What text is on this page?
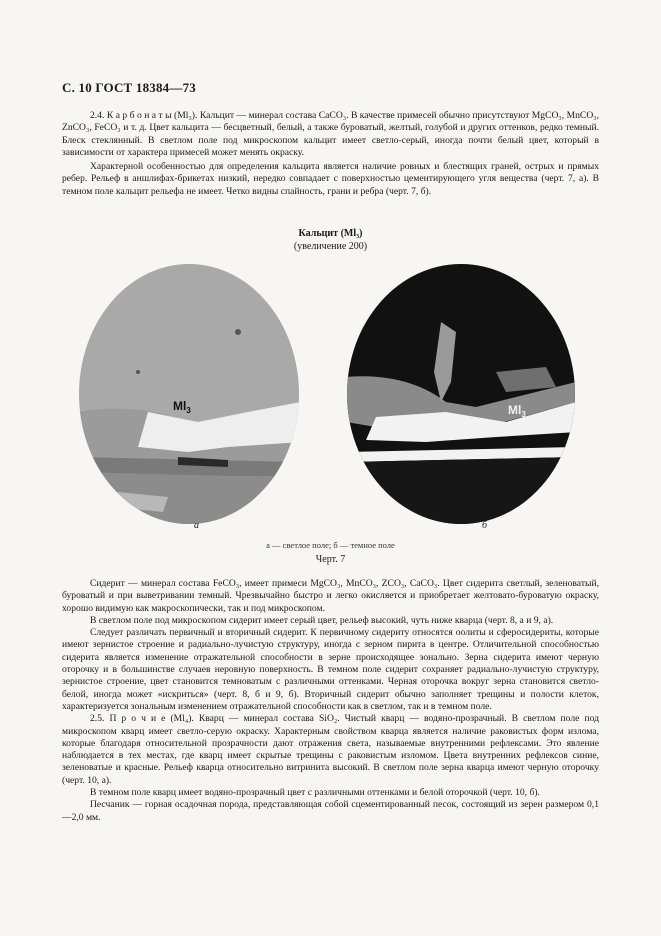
С. 10 ГОСТ 18384—73

2.4. К а р б о н а т ы (Мl₃). Кальцит — минерал состава CaCO₃. В качестве примесей обычно присутствуют MgCO₃, MnCO₃, ZnCO₃, FeCO₃ и т. д. Цвет кальцита — бесцветный, белый, а также буроватый, желтый, голубой и других оттенков, редко темный. Блеск стеклянный. В светлом поле под микроскопом кальцит имеет светло-серый, иногда почти белый цвет, который в зависимости от характера примесей может менять окраску.

Характерной особенностью для определения кальцита является наличие ровных и блестящих граней, острых и прямых ребер. Рельеф в аншлифах-брикетах низкий, нередко совпадает с поверхностью цементирующего угля вещества (черт. 7, а). В темном поле кальцит рельефа не имеет. Четко видны спайность, грани и ребра (черт. 7, б).

Кальцит (Мl₃)
(увеличение 200)
$Мl_3$	$Мl_3$
а	б
а — светлое поле; б — темное поле
Черт. 7

Сидерит — минерал состава FeCO₃, имеет примеси MgCO₃, MnCO₃, ZCO₃, CaCO₃. Цвет сидерита светлый, зеленоватый, буроватый и при выветривании темный. Чрезвычайно быстро и легко окисляется и приобретает желтовато-буроватую окраску, хорошо видимую как макроскопически, так и под микроскопом.

В светлом поле под микроскопом сидерит имеет серый цвет, рельеф высокий, чуть ниже кварца (черт. 8, а и 9, а).

Следует различать первичный и вторичный сидерит. К первичному сидериту относятся оолиты и сферосидериты, которые имеют зернистое строение и радиально-лучистую структуру, иногда с зерном пирита в центре. Отличительной способностью сидерита является изменение отражательной способности в зерне происходящее зонально. Зерна сидерита имеют черную оторочку и в большинстве случаев неровную поверхность. В темном поле сидерит сохраняет радиально-лучистую структуру, зернистое строение, цвет становится темноватым с различными оттенками. Черная оторочка вокруг зерна становится светло-белой, иногда может «искриться» (черт. 8, б и 9, б). Вторичный сидерит обычно заполняет трещины и полости клеток, характеризуется зональным изменением отражательной способности как в светлом, так и в темном поле.

2.5. П р о ч и е (Мl₄). Кварц — минерал состава SiO₂. Чистый кварц — водяно-прозрачный. В светлом поле под микроскопом кварц имеет светло-серую окраску. Характерным свойством кварца является наличие раковистых форм излома, которые благодаря относительной прозрачности дают отражения света, называемые внутренними рефлексами. Это явление наблюдается в тех местах, где кварц имеет скрытые трещины с раковистым изломом. Цвета внутренних рефлексов синие, зеленоватые и красные. Рельеф кварца относительно витринита высокий. В светлом поле зерна кварца имеют черную оторочку (черт. 10, а).

В темном поле кварц имеет водяно-прозрачный цвет с различными оттенками и белой оторочкой (черт. 10, б).

Песчаник — горная осадочная порода, представляющая собой сцементированный песок, состоящий из зерен размером 0,1—2,0 мм.
